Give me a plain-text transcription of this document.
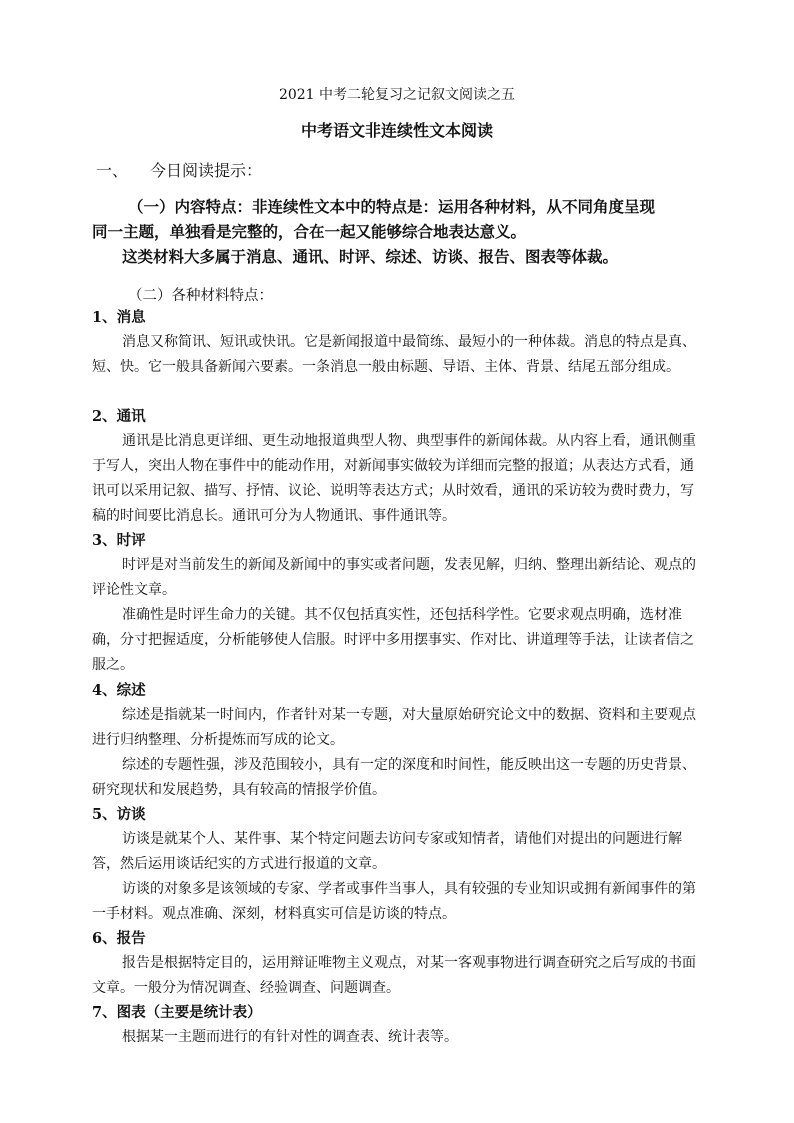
2021 中考二轮复习之记叙文阅读之五
中考语文非连续性文本阅读
一、 今日阅读提示：
（一）内容特点：非连续性文本中的特点是：运用各种材料，从不同角度呈现
同一主题，单独看是完整的，合在一起又能够综合地表达意义。
这类材料大多属于消息、通讯、时评、综述、访谈、报告、图表等体裁。
（二）各种材料特点：
1、消息
消息又称简讯、短讯或快讯。它是新闻报道中最简练、最短小的一种体裁。消息的特点是真、短、快。它一般具备新闻六要素。一条消息一般由标题、导语、主体、背景、结尾五部分组成。
2、通讯
通讯是比消息更详细、更生动地报道典型人物、典型事件的新闻体裁。从内容上看，通讯侧重于写人，突出人物在事件中的能动作用，对新闻事实做较为详细而完整的报道；从表达方式看，通讯可以采用记叙、描写、抒情、议论、说明等表达方式；从时效看，通讯的采访较为费时费力，写稿的时间要比消息长。通讯可分为人物通讯、事件通讯等。
3、时评
时评是对当前发生的新闻及新闻中的事实或者问题，发表见解，归纳、整理出新结论、观点的评论性文章。
准确性是时评生命力的关键。其不仅包括真实性，还包括科学性。它要求观点明确，选材准确，分寸把握适度，分析能够使人信服。时评中多用摆事实、作对比、讲道理等手法，让读者信之服之。
4、综述
综述是指就某一时间内，作者针对某一专题，对大量原始研究论文中的数据、资料和主要观点进行归纳整理、分析提炼而写成的论文。
综述的专题性强，涉及范围较小，具有一定的深度和时间性，能反映出这一专题的历史背景、研究现状和发展趋势，具有较高的情报学价值。
5、访谈
访谈是就某个人、某件事、某个特定问题去访问专家或知情者，请他们对提出的问题进行解答，然后运用谈话纪实的方式进行报道的文章。
访谈的对象多是该领域的专家、学者或事件当事人，具有较强的专业知识或拥有新闻事件的第一手材料。观点准确、深刻，材料真实可信是访谈的特点。
6、报告
报告是根据特定目的，运用辩证唯物主义观点，对某一客观事物进行调查研究之后写成的书面文章。一般分为情况调查、经验调查、问题调查。
7、图表（主要是统计表）
根据某一主题而进行的有针对性的调查表、统计表等。
